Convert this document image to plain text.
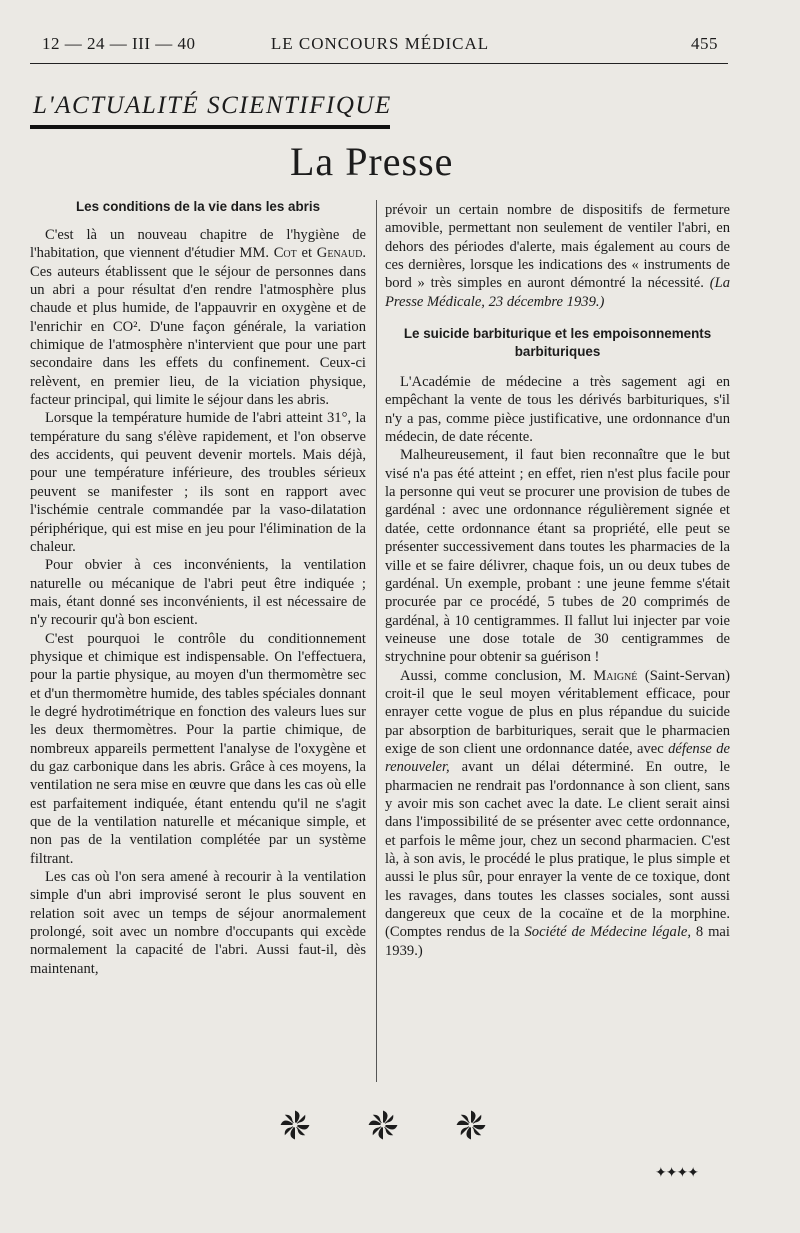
12 — 24 — III — 40	LE CONCOURS MÉDICAL	455
L'ACTUALITÉ SCIENTIFIQUE
La Presse
Les conditions de la vie dans les abris

C'est là un nouveau chapitre de l'hygiène de l'habitation, que viennent d'étudier MM. Cot et Genaud. Ces auteurs établissent que le séjour de personnes dans un abri a pour résultat d'en rendre l'atmosphère plus chaude et plus humide, de l'appauvrir en oxygène et de l'enrichir en CO². D'une façon générale, la variation chimique de l'atmosphère n'intervient que pour une part secondaire dans les effets du confinement. Ceux-ci relèvent, en premier lieu, de la viciation physique, facteur principal, qui limite le séjour dans les abris.

Lorsque la température humide de l'abri atteint 31°, la température du sang s'élève rapidement, et l'on observe des accidents, qui peuvent devenir mortels. Mais déjà, pour une température inférieure, des troubles sérieux peuvent se manifester ; ils sont en rapport avec l'ischémie centrale commandée par la vaso-dilatation périphérique, qui est mise en jeu pour l'élimination de la chaleur.

Pour obvier à ces inconvénients, la ventilation naturelle ou mécanique de l'abri peut être indiquée ; mais, étant donné ses inconvénients, il est nécessaire de n'y recourir qu'à bon escient.

C'est pourquoi le contrôle du conditionnement physique et chimique est indispensable. On l'effectuera, pour la partie physique, au moyen d'un thermomètre sec et d'un thermomètre humide, des tables spéciales donnant le degré hydrotimétrique en fonction des valeurs lues sur les deux thermomètres. Pour la partie chimique, de nombreux appareils permettent l'analyse de l'oxygène et du gaz carbonique dans les abris. Grâce à ces moyens, la ventilation ne sera mise en œuvre que dans les cas où elle est parfaitement indiquée, étant entendu qu'il ne s'agit que de la ventilation naturelle et mécanique simple, et non pas de la ventilation complétée par un système filtrant.

Les cas où l'on sera amené à recourir à la ventilation simple d'un abri improvisé seront le plus souvent en relation soit avec un temps de séjour anormalement prolongé, soit avec un nombre d'occupants qui excède normalement la capacité de l'abri. Aussi faut-il, dès maintenant,

prévoir un certain nombre de dispositifs de fermeture amovible, permettant non seulement de ventiler l'abri, en dehors des périodes d'alerte, mais également au cours de ces dernières, lorsque les indications des « instruments de bord » très simples en auront démontré la nécessité. (La Presse Médicale, 23 décembre 1939.)

Le suicide barbiturique et les empoisonnements barbituriques

L'Académie de médecine a très sagement agi en empêchant la vente de tous les dérivés barbituriques, s'il n'y a pas, comme pièce justificative, une ordonnance d'un médecin, de date récente.

Malheureusement, il faut bien reconnaître que le but visé n'a pas été atteint ; en effet, rien n'est plus facile pour la personne qui veut se procurer une provision de tubes de gardénal : avec une ordonnance régulièrement signée et datée, cette ordonnance étant sa propriété, elle peut se présenter successivement dans toutes les pharmacies de la ville et se faire délivrer, chaque fois, un ou deux tubes de gardénal. Un exemple, probant : une jeune femme s'était procurée par ce procédé, 5 tubes de 20 comprimés de gardénal, à 10 centigrammes. Il fallut lui injecter par voie veineuse une dose totale de 30 centigrammes de strychnine pour obtenir sa guérison !

Aussi, comme conclusion, M. Maigné (Saint-Servan) croit-il que le seul moyen véritablement efficace, pour enrayer cette vogue de plus en plus répandue du suicide par absorption de barbituriques, serait que le pharmacien exige de son client une ordonnance datée, avec défense de renouveler, avant un délai déterminé. En outre, le pharmacien ne rendrait pas l'ordonnance à son client, sans y avoir mis son cachet avec la date. Le client serait ainsi dans l'impossibilité de se présenter avec cette ordonnance, et parfois le même jour, chez un second pharmacien. C'est là, à son avis, le procédé le plus pratique, le plus simple et aussi le plus sûr, pour enrayer la vente de ce toxique, dont les ravages, dans toutes les classes sociales, sont aussi dangereux que ceux de la cocaïne et de la morphine. (Comptes rendus de la Société de Médecine légale, 8 mai 1939.)

✦✦✦✦
